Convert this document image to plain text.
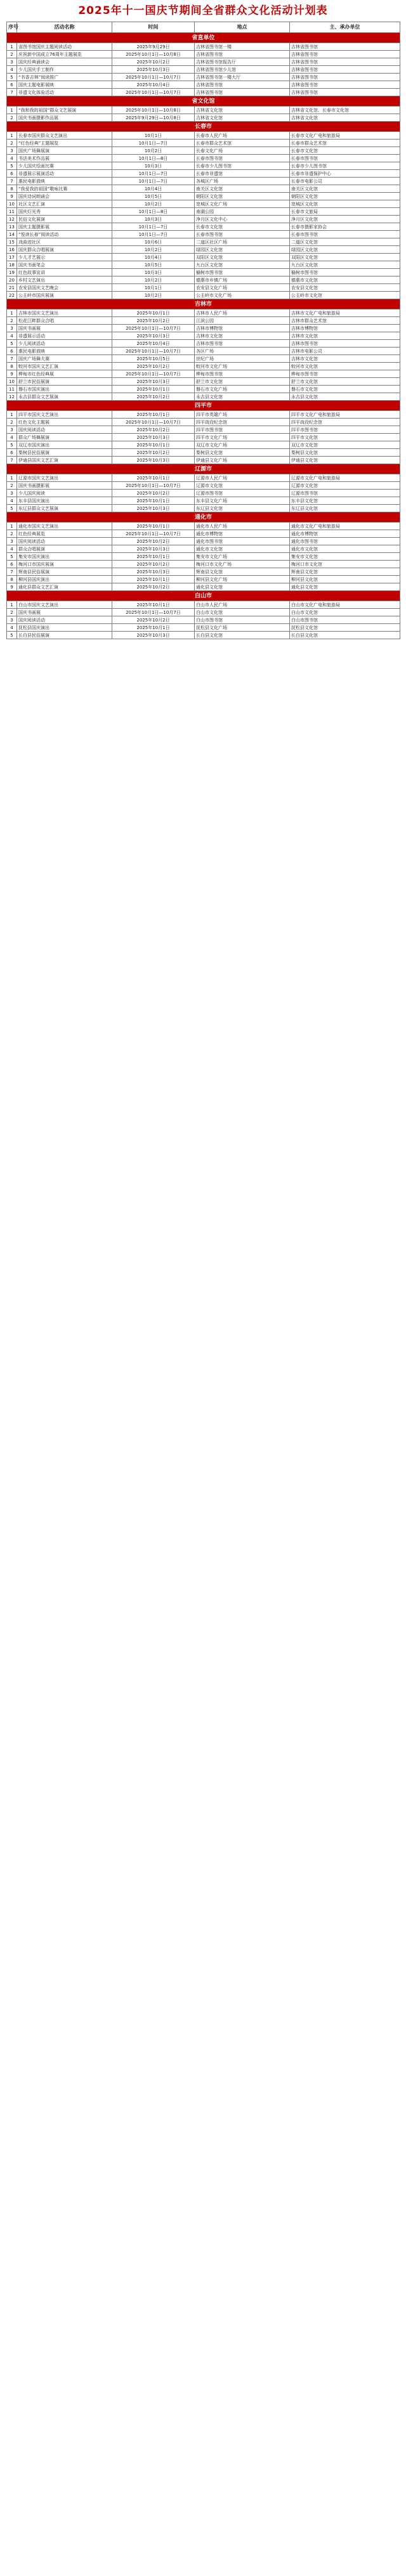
2025年十一国庆节期间全省群众文化活动计划表
序号	活动名称	时间	地点	主、承办单位
省直单位				
1	省图书馆国庆主题阅读活动	2025年9月29日	吉林省图书馆一楼	吉林省图书馆
2	庆祝新中国成立76周年主题展览	2025年10月1日—10月8日	吉林省图书馆	吉林省图书馆
3	国庆经典诵读会	2025年10月2日	吉林省图书馆报告厅	吉林省图书馆
4	少儿国庆手工制作	2025年10月3日	吉林省图书馆少儿馆	吉林省图书馆
5	“书香吉林”阅读推广	2025年10月1日—10月7日	吉林省图书馆一楼大厅	吉林省图书馆
6	国庆主题电影展映	2025年10月4日	吉林省图书馆	吉林省图书馆
7	非遗文化体验活动	2025年10月1日—10月7日	吉林省图书馆	吉林省图书馆
省文化馆				
1	“我和我的祖国”群众文艺展演	2025年10月1日—10月8日	吉林省文化馆	吉林省文化馆、长春市文化馆
2	国庆书画摄影作品展	2025年9月29日—10月8日	吉林省文化馆	吉林省文化馆
长春市				
1	长春市国庆群众文艺演出	10月1日	长春市人民广场	长春市文化广电和旅游局
2	“红色经典”主题展览	10月1日—7日	长春市群众艺术馆	长春市群众艺术馆
3	国庆广场舞展演	10月2日	长春文化广场	长春市文化馆
4	书法美术作品展	10月1日—8日	长春市图书馆	长春市图书馆
5	少儿国庆绘画比赛	10月3日	长春市少儿图书馆	长春市少儿图书馆
6	非遗展示展演活动	10月1日—7日	长春市非遗馆	长春市非遗保护中心
7	惠民电影放映	10月1日—7日	各城区广场	长春市电影公司
8	“我爱我的祖国”歌咏比赛	10月4日	南关区文化馆	南关区文化馆
9	国庆诗词朗诵会	10月5日	朝阳区文化馆	朝阳区文化馆
10	社区文艺汇演	10月2日	宽城区文化广场	宽城区文化馆
11	国庆灯光秀	10月1日—8日	南湖公园	长春市文旅局
12	民俗文化展演	10月3日	净月区文化中心	净月区文化馆
13	国庆主题摄影展	10月1日—7日	长春市文化馆	长春市摄影家协会
14	“悦读长春”阅读活动	10月1日—7日	长春市图书馆	长春市图书馆
15	戏曲进社区	10月6日	二道区社区广场	二道区文化馆
16	国庆群众合唱展演	10月2日	绿园区文化馆	绿园区文化馆
17	少儿才艺展示	10月4日	双阳区文化馆	双阳区文化馆
18	国庆书画笔会	10月5日	九台区文化馆	九台区文化馆
19	红色故事宣讲	10月3日	榆树市图书馆	榆树市图书馆
20	乡村文艺演出	10月2日	德惠市乡镇广场	德惠市文化馆
21	农安县国庆文艺晚会	10月1日	农安县文化广场	农安县文化馆
22	公主岭市国庆展演	10月2日	公主岭市文化广场	公主岭市文化馆
吉林市				
1	吉林市国庆文艺演出	2025年10月1日	吉林市人民广场	吉林市文化广电和旅游局
2	松花江畔群众合唱	2025年10月2日	江滨公园	吉林市群众艺术馆
3	国庆书画展	2025年10月1日—10月7日	吉林市博物馆	吉林市博物馆
4	非遗展示活动	2025年10月3日	吉林市文化馆	吉林市文化馆
5	少儿阅读活动	2025年10月4日	吉林市图书馆	吉林市图书馆
6	惠民电影放映	2025年10月1日—10月7日	各区广场	吉林市电影公司
7	国庆广场舞大赛	2025年10月5日	世纪广场	吉林市文化馆
8	蛟河市国庆文艺汇演	2025年10月2日	蛟河市文化广场	蛟河市文化馆
9	桦甸市红色经典展	2025年10月1日—10月7日	桦甸市图书馆	桦甸市图书馆
10	舒兰市民俗展演	2025年10月3日	舒兰市文化馆	舒兰市文化馆
11	磐石市国庆演出	2025年10月1日	磐石市文化广场	磐石市文化馆
12	永吉县群众文艺展演	2025年10月2日	永吉县文化馆	永吉县文化馆
四平市				
1	四平市国庆文艺演出	2025年10月1日	四平市英雄广场	四平市文化广电和旅游局
2	红色文化主题展	2025年10月1日—10月7日	四平战役纪念馆	四平战役纪念馆
3	国庆阅读活动	2025年10月2日	四平市图书馆	四平市图书馆
4	群众广场舞展演	2025年10月3日	四平市文化广场	四平市文化馆
5	双辽市国庆演出	2025年10月1日	双辽市文化广场	双辽市文化馆
6	梨树县民俗展演	2025年10月2日	梨树县文化馆	梨树县文化馆
7	伊通县国庆文艺汇演	2025年10月3日	伊通县文化广场	伊通县文化馆
辽源市				
1	辽源市国庆文艺演出	2025年10月1日	辽源市人民广场	辽源市文化广电和旅游局
2	国庆书画摄影展	2025年10月1日—10月7日	辽源市文化馆	辽源市文化馆
3	少儿国庆阅读	2025年10月2日	辽源市图书馆	辽源市图书馆
4	东丰县国庆演出	2025年10月1日	东丰县文化广场	东丰县文化馆
5	东辽县群众文艺展演	2025年10月3日	东辽县文化馆	东辽县文化馆
通化市				
1	通化市国庆文艺演出	2025年10月1日	通化市人民广场	通化市文化广电和旅游局
2	红色经典展览	2025年10月1日—10月7日	通化市博物馆	通化市博物馆
3	国庆阅读活动	2025年10月2日	通化市图书馆	通化市图书馆
4	群众合唱展演	2025年10月3日	通化市文化馆	通化市文化馆
5	集安市国庆演出	2025年10月1日	集安市文化广场	集安市文化馆
6	梅河口市国庆展演	2025年10月2日	梅河口市文化广场	梅河口市文化馆
7	辉南县民俗展演	2025年10月3日	辉南县文化馆	辉南县文化馆
8	柳河县国庆演出	2025年10月1日	柳河县文化广场	柳河县文化馆
9	通化县群众文艺汇演	2025年10月2日	通化县文化馆	通化县文化馆
白山市				
1	白山市国庆文艺演出	2025年10月1日	白山市人民广场	白山市文化广电和旅游局
2	国庆书画展	2025年10月1日—10月7日	白山市文化馆	白山市文化馆
3	国庆阅读活动	2025年10月2日	白山市图书馆	白山市图书馆
4	抚松县国庆演出	2025年10月1日	抚松县文化广场	抚松县文化馆
5	长白县民俗展演	2025年10月3日	长白县文化馆	长白县文化馆
